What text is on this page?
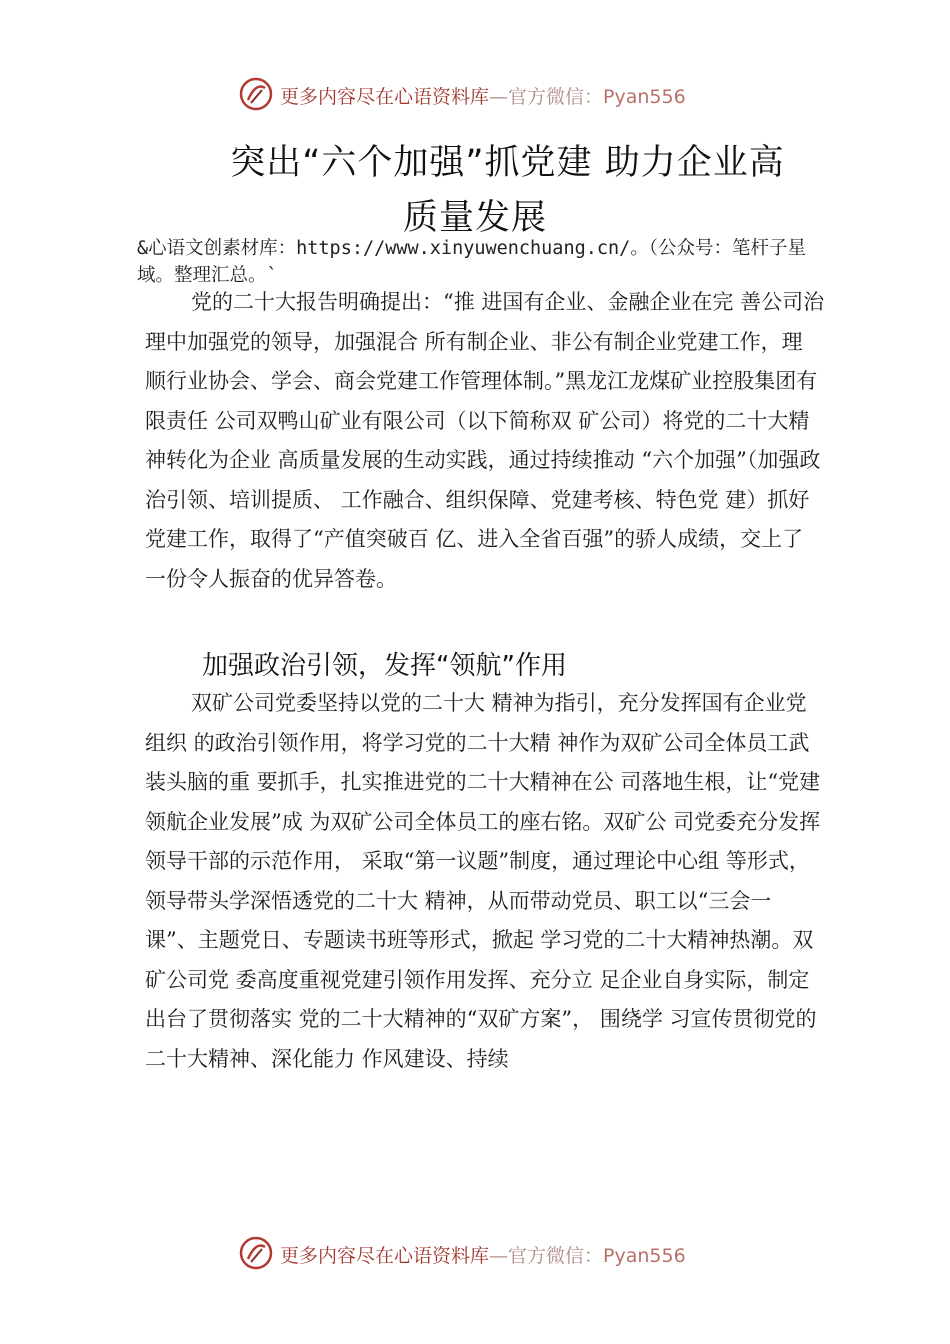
更多内容尽在心语资料库—官方微信：Pyan556
突出“六个加强”抓党建 助力企业高
质量发展
&心语文创素材库：https://www.xinyuwenchuang.cn/。（公众号：笔杆子星域。整理汇总。`
党的二十大报告明确提出：“推 进国有企业、金融企业在完 善公司治理中加强党的领导，加强混合 所有制企业、非公有制企业党建工作，理 顺行业协会、学会、商会党建工作管理体制。”黑龙江龙煤矿业控股集团有限责任 公司双鸭山矿业有限公司（以下简称双 矿公司）将党的二十大精神转化为企业 高质量发展的生动实践，通过持续推动 “六个加强”（加强政治引领、培训提质、 工作融合、组织保障、党建考核、特色党 建）抓好党建工作，取得了“产值突破百 亿、进入全省百强”的骄人成绩，交上了 一份令人振奋的优异答卷。
加强政治引领，发挥“领航”作用
双矿公司党委坚持以党的二十大 精神为指引，充分发挥国有企业党组织 的政治引领作用，将学习党的二十大精 神作为双矿公司全体员工武装头脑的重 要抓手，扎实推进党的二十大精神在公 司落地生根，让“党建领航企业发展”成 为双矿公司全体员工的座右铭。双矿公 司党委充分发挥领导干部的示范作用， 采取“第一议题”制度，通过理论中心组 等形式，领导带头学深悟透党的二十大 精神，从而带动党员、职工以“三会一 课”、主题党日、专题读书班等形式，掀起 学习党的二十大精神热潮。双矿公司党 委高度重视党建引领作用发挥、充分立 足企业自身实际，制定出台了贯彻落实 党的二十大精神的“双矿方案”， 围绕学 习宣传贯彻党的二十大精神、深化能力 作风建设、持续
更多内容尽在心语资料库—官方微信：Pyan556
